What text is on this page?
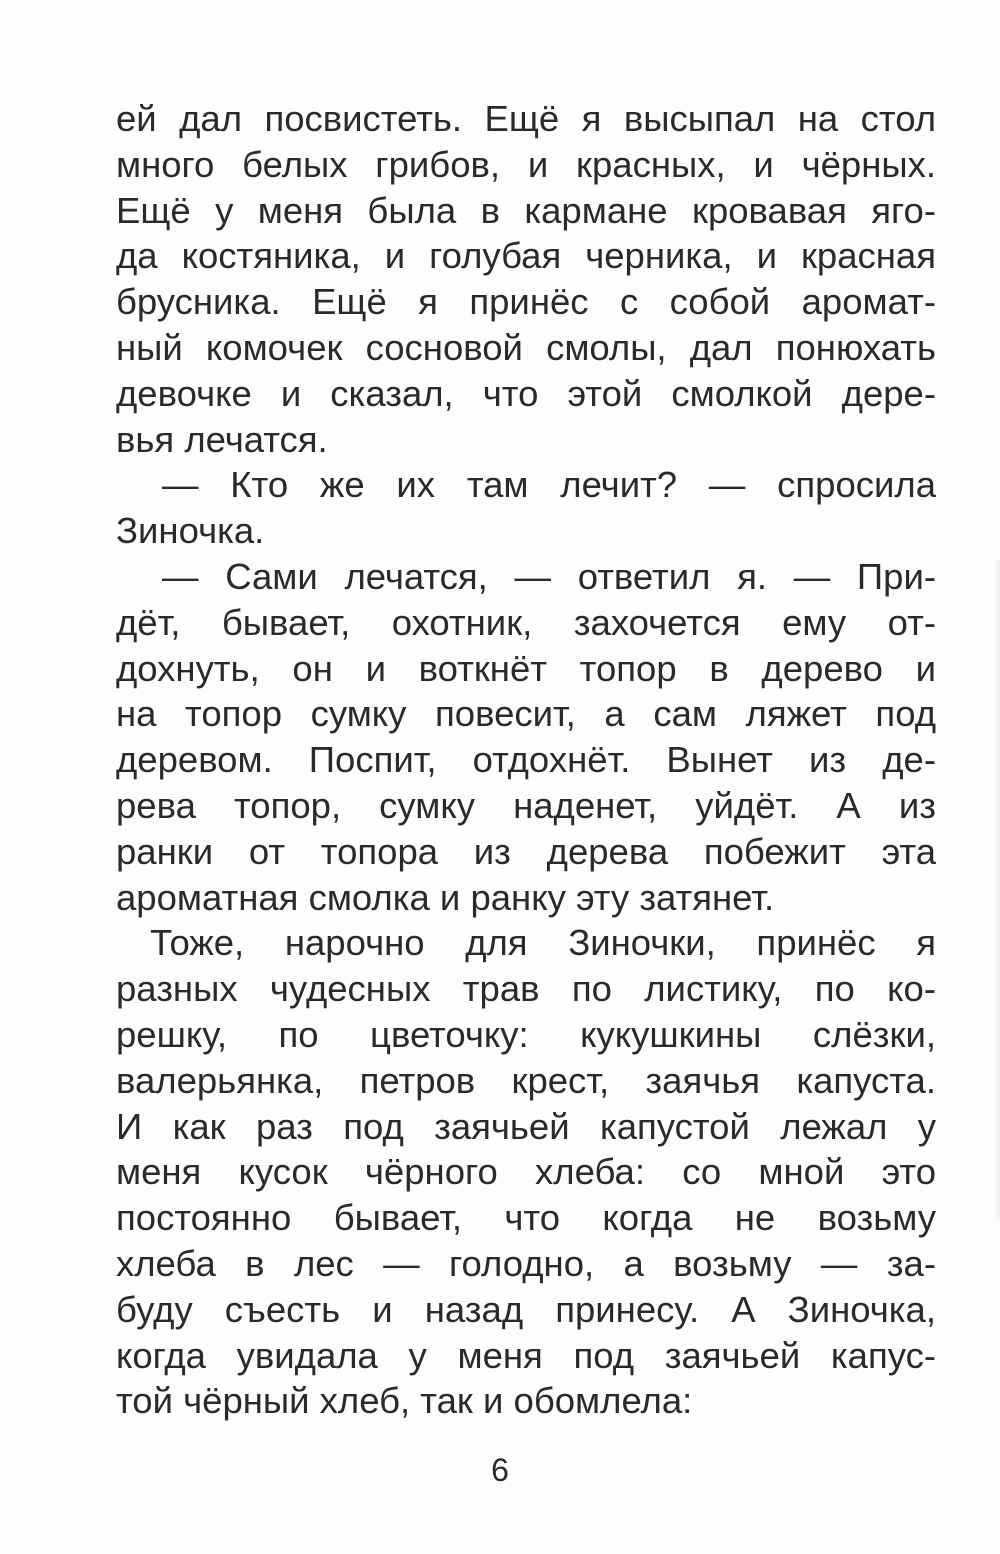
ей дал посвистеть. Ещё я высыпал на стол
много белых грибов, и красных, и чёрных.
Ещё у меня была в кармане кровавая яго-
да костяника, и голубая черника, и красная
брусника. Ещё я принёс с собой аромат-
ный комочек сосновой смолы, дал понюхать
девочке и сказал, что этой смолкой дере-
вья лечатся.
— Кто же их там лечит? — спросила
Зиночка.
— Сами лечатся, — ответил я. — При-
дёт, бывает, охотник, захочется ему от-
дохнуть, он и воткнёт топор в дерево и
на топор сумку повесит, а сам ляжет под
деревом. Поспит, отдохнёт. Вынет из де-
рева топор, сумку наденет, уйдёт. А из
ранки от топора из дерева побежит эта
ароматная смолка и ранку эту затянет.
Тоже, нарочно для Зиночки, принёс я
разных чудесных трав по листику, по ко-
решку, по цветочку: кукушкины слёзки,
валерьянка, петров крест, заячья капуста.
И как раз под заячьей капустой лежал у
меня кусок чёрного хлеба: со мной это
постоянно бывает, что когда не возьму
хлеба в лес — голодно, а возьму — за-
буду съесть и назад принесу. А Зиночка,
когда увидала у меня под заячьей капус-
той чёрный хлеб, так и обомлела:
6
